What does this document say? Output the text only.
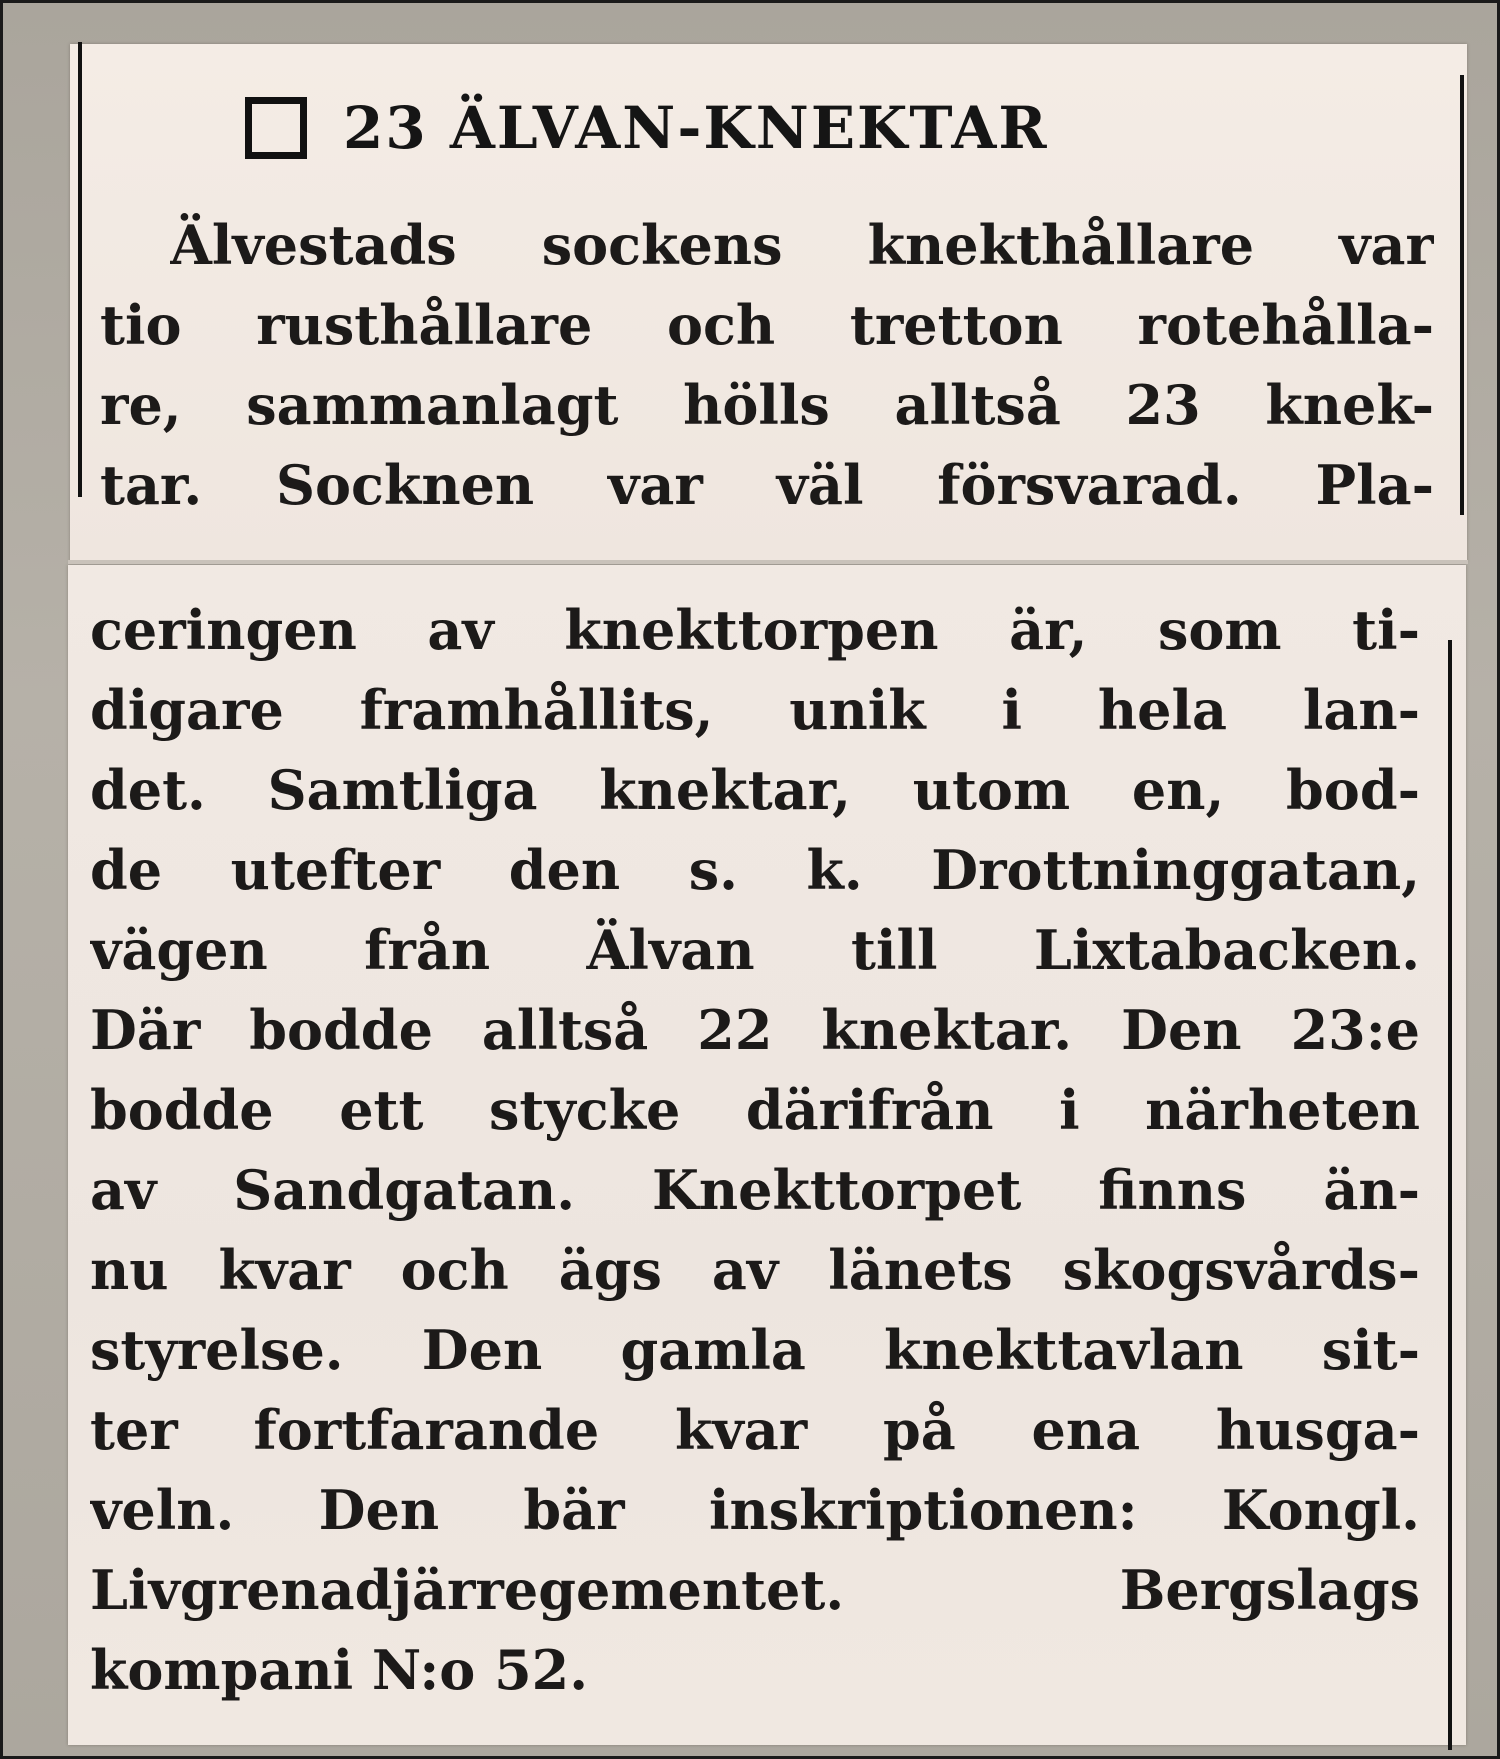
23 ÄLVAN-KNEKTAR
Älvestads sockens knekthållare var
tio rusthållare och tretton rotehålla-
re, sammanlagt hölls alltså 23 knek-
tar. Socknen var väl försvarad. Pla-
ceringen av knekttorpen är, som ti-
digare framhållits, unik i hela lan-
det. Samtliga knektar, utom en, bod-
de utefter den s. k. Drottninggatan,
vägen från Älvan till Lixtabacken.
Där bodde alltså 22 knektar. Den 23:e
bodde ett stycke därifrån i närheten
av Sandgatan. Knekttorpet finns än-
nu kvar och ägs av länets skogsvårds-
styrelse. Den gamla knekttavlan sit-
ter fortfarande kvar på ena husga-
veln. Den bär inskriptionen: Kongl.
Livgrenadjärregementet. Bergslags
kompani N:o 52.
